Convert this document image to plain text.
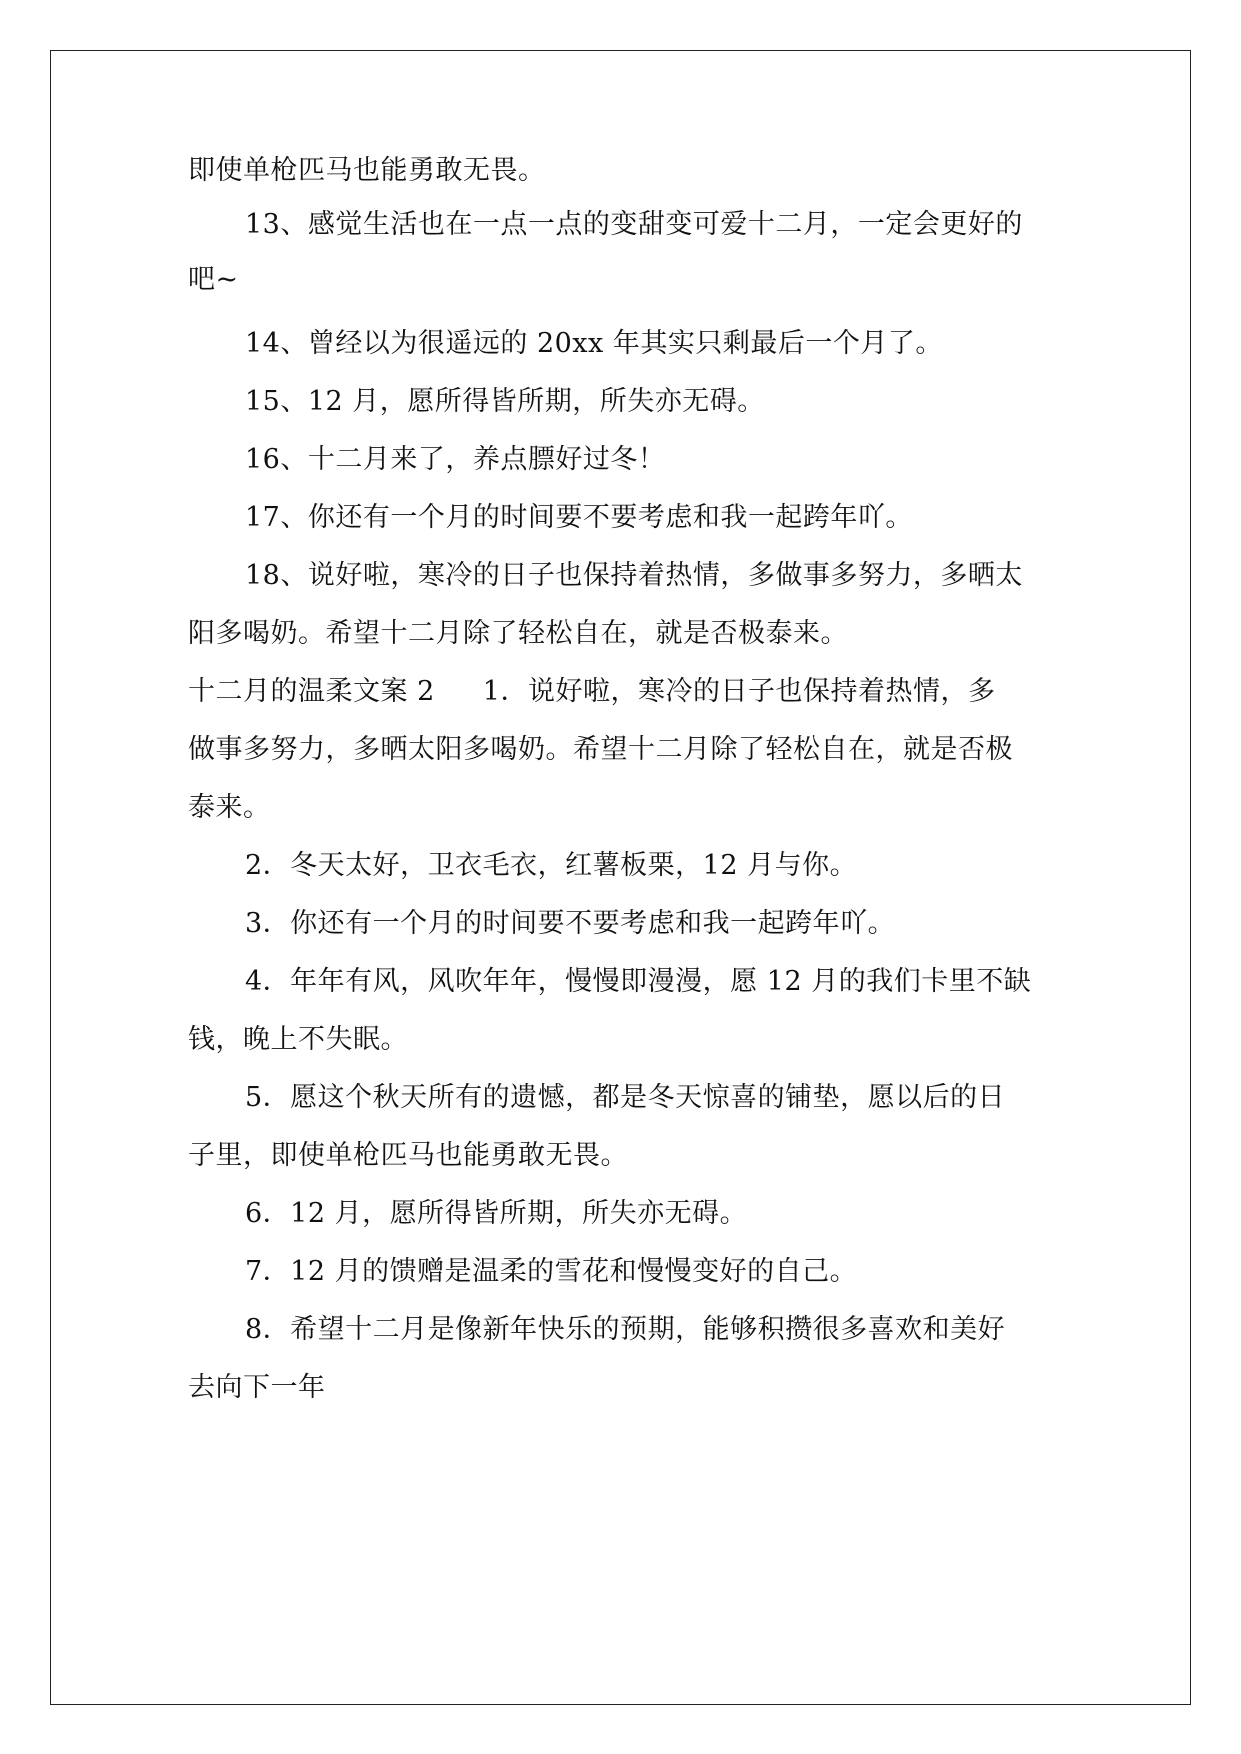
即使单枪匹马也能勇敢无畏。
13、感觉生活也在一点一点的变甜变可爱十二月，一定会更好的
吧~
14、曾经以为很遥远的 20xx 年其实只剩最后一个月了。
15、12 月，愿所得皆所期，所失亦无碍。
16、十二月来了，养点膘好过冬！
17、你还有一个月的时间要不要考虑和我一起跨年吖。
18、说好啦，寒冷的日子也保持着热情，多做事多努力，多晒太
阳多喝奶。希望十二月除了轻松自在，就是否极泰来。
十二月的温柔文案 2 1．说好啦，寒冷的日子也保持着热情，多
做事多努力，多晒太阳多喝奶。希望十二月除了轻松自在，就是否极
泰来。
2．冬天太好，卫衣毛衣，红薯板栗，12 月与你。
3．你还有一个月的时间要不要考虑和我一起跨年吖。
4．年年有风，风吹年年，慢慢即漫漫，愿 12 月的我们卡里不缺
钱，晚上不失眠。
5．愿这个秋天所有的遗憾，都是冬天惊喜的铺垫，愿以后的日
子里，即使单枪匹马也能勇敢无畏。
6．12 月，愿所得皆所期，所失亦无碍。
7．12 月的馈赠是温柔的雪花和慢慢变好的自己。
8．希望十二月是像新年快乐的预期，能够积攒很多喜欢和美好
去向下一年
